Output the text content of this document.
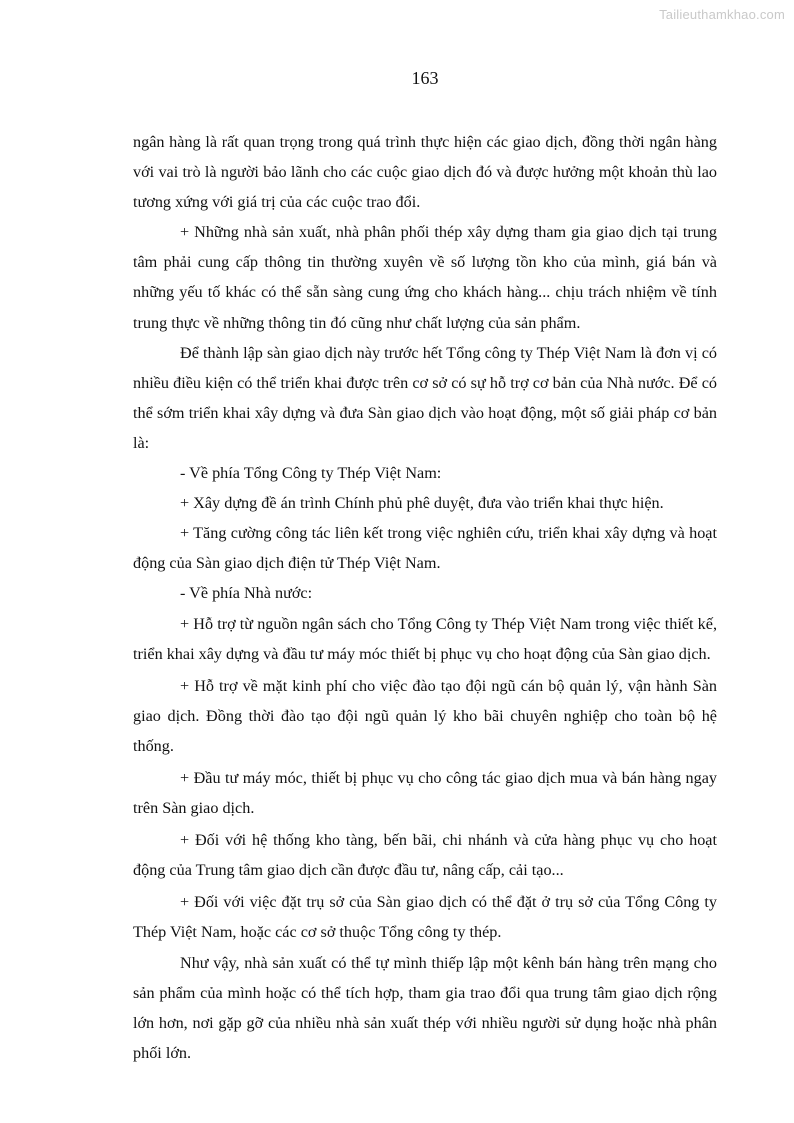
Tailieuthamkhao.com
163

ngân hàng là rất quan trọng trong quá trình thực hiện các giao dịch, đồng thời ngân hàng với vai trò là người bảo lãnh cho các cuộc giao dịch đó và được hưởng một khoản thù lao tương xứng với giá trị của các cuộc trao đổi.

+ Những nhà sản xuất, nhà phân phối thép xây dựng tham gia giao dịch tại trung tâm phải cung cấp thông tin thường xuyên về số lượng tồn kho của mình, giá bán và những yếu tố khác có thể sẵn sàng cung ứng cho khách hàng... chịu trách nhiệm về tính trung thực về những thông tin đó cũng như chất lượng của sản phẩm.

Để thành lập sàn giao dịch này trước hết Tổng công ty Thép Việt Nam là đơn vị có nhiều điều kiện có thể triển khai được trên cơ sở có sự hỗ trợ cơ bản của Nhà nước. Để có thể sớm triển khai xây dựng và đưa Sàn giao dịch vào hoạt động, một số giải pháp cơ bản là:

- Về phía Tổng Công ty Thép Việt Nam:

+ Xây dựng đề án trình Chính phủ phê duyệt, đưa vào triển khai thực hiện.

+ Tăng cường công tác liên kết trong việc nghiên cứu, triển khai xây dựng và hoạt động của Sàn giao dịch điện tử Thép Việt Nam.

- Về phía Nhà nước:

+ Hỗ trợ từ nguồn ngân sách cho Tổng Công ty Thép Việt Nam trong việc thiết kế, triển khai xây dựng và đầu tư máy móc thiết bị phục vụ cho hoạt động của Sàn giao dịch.

+ Hỗ trợ về mặt kinh phí cho việc đào tạo đội ngũ cán bộ quản lý, vận hành Sàn giao dịch. Đồng thời đào tạo đội ngũ quản lý kho bãi chuyên nghiệp cho toàn bộ hệ thống.

+ Đầu tư máy móc, thiết bị phục vụ cho công tác giao dịch mua và bán hàng ngay trên Sàn giao dịch.

+ Đối với hệ thống kho tàng, bến bãi, chi nhánh và cửa hàng phục vụ cho hoạt động của Trung tâm giao dịch cần được đầu tư, nâng cấp, cải tạo...

+ Đối với việc đặt trụ sở của Sàn giao dịch có thể đặt ở trụ sở của Tổng Công ty Thép Việt Nam, hoặc các cơ sở thuộc Tổng công ty thép.

Như vậy, nhà sản xuất có thể tự mình thiếp lập một kênh bán hàng trên mạng cho sản phẩm của mình hoặc có thể tích hợp, tham gia trao đổi qua trung tâm giao dịch rộng lớn hơn, nơi gặp gỡ của nhiều nhà sản xuất thép với nhiều người sử dụng hoặc nhà phân phối lớn.
